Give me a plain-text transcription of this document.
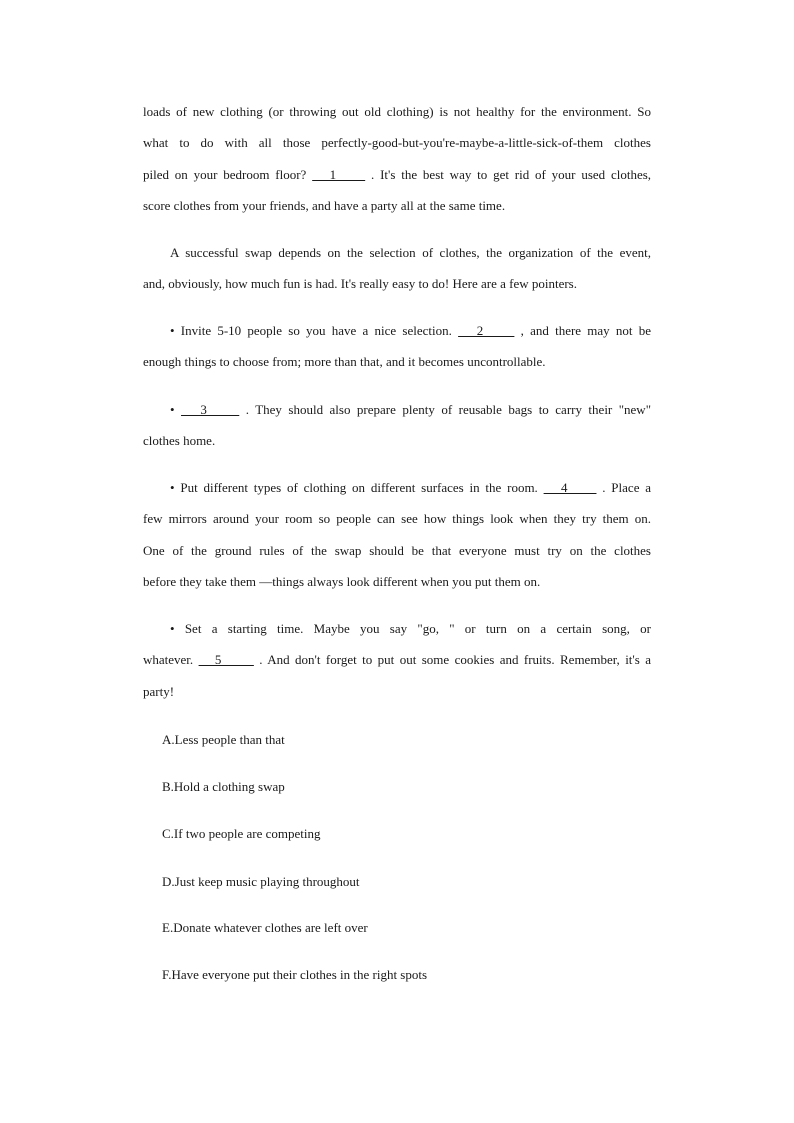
loads of new clothing (or throwing out old clothing) is not healthy for the environment. So
what to do with all those perfectly-good-but-you're-maybe-a-little-sick-of-them clothes
piled on your bedroom floor?    1      . It's the best way to get rid of your used clothes,
score clothes from your friends, and have a party all at the same time.
A successful swap depends on the selection of clothes, the organization of the event,
and, obviously, how much fun is had. It's really easy to do! Here are a few pointers.
• Invite 5-10 people so you have a nice selection.    2      , and there may not be
enough things to choose from; more than that, and it becomes uncontrollable.
•    3      . They should also prepare plenty of reusable bags to carry their "new"
clothes home.
• Put different types of clothing on different surfaces in the room.    4      . Place a
few mirrors around your room so people can see how things look when they try them on.
One of the ground rules of the swap should be that everyone must try on the clothes
before they take them —things always look different when you put them on.
• Set a starting time. Maybe you say "go, " or turn on a certain song, or
whatever.    5       . And don't forget to put out some cookies and fruits. Remember, it's a
party!
A.Less people than that
B.Hold a clothing swap
C.If two people are competing
D.Just keep music playing throughout
E.Donate whatever clothes are left over
F.Have everyone put their clothes in the right spots
